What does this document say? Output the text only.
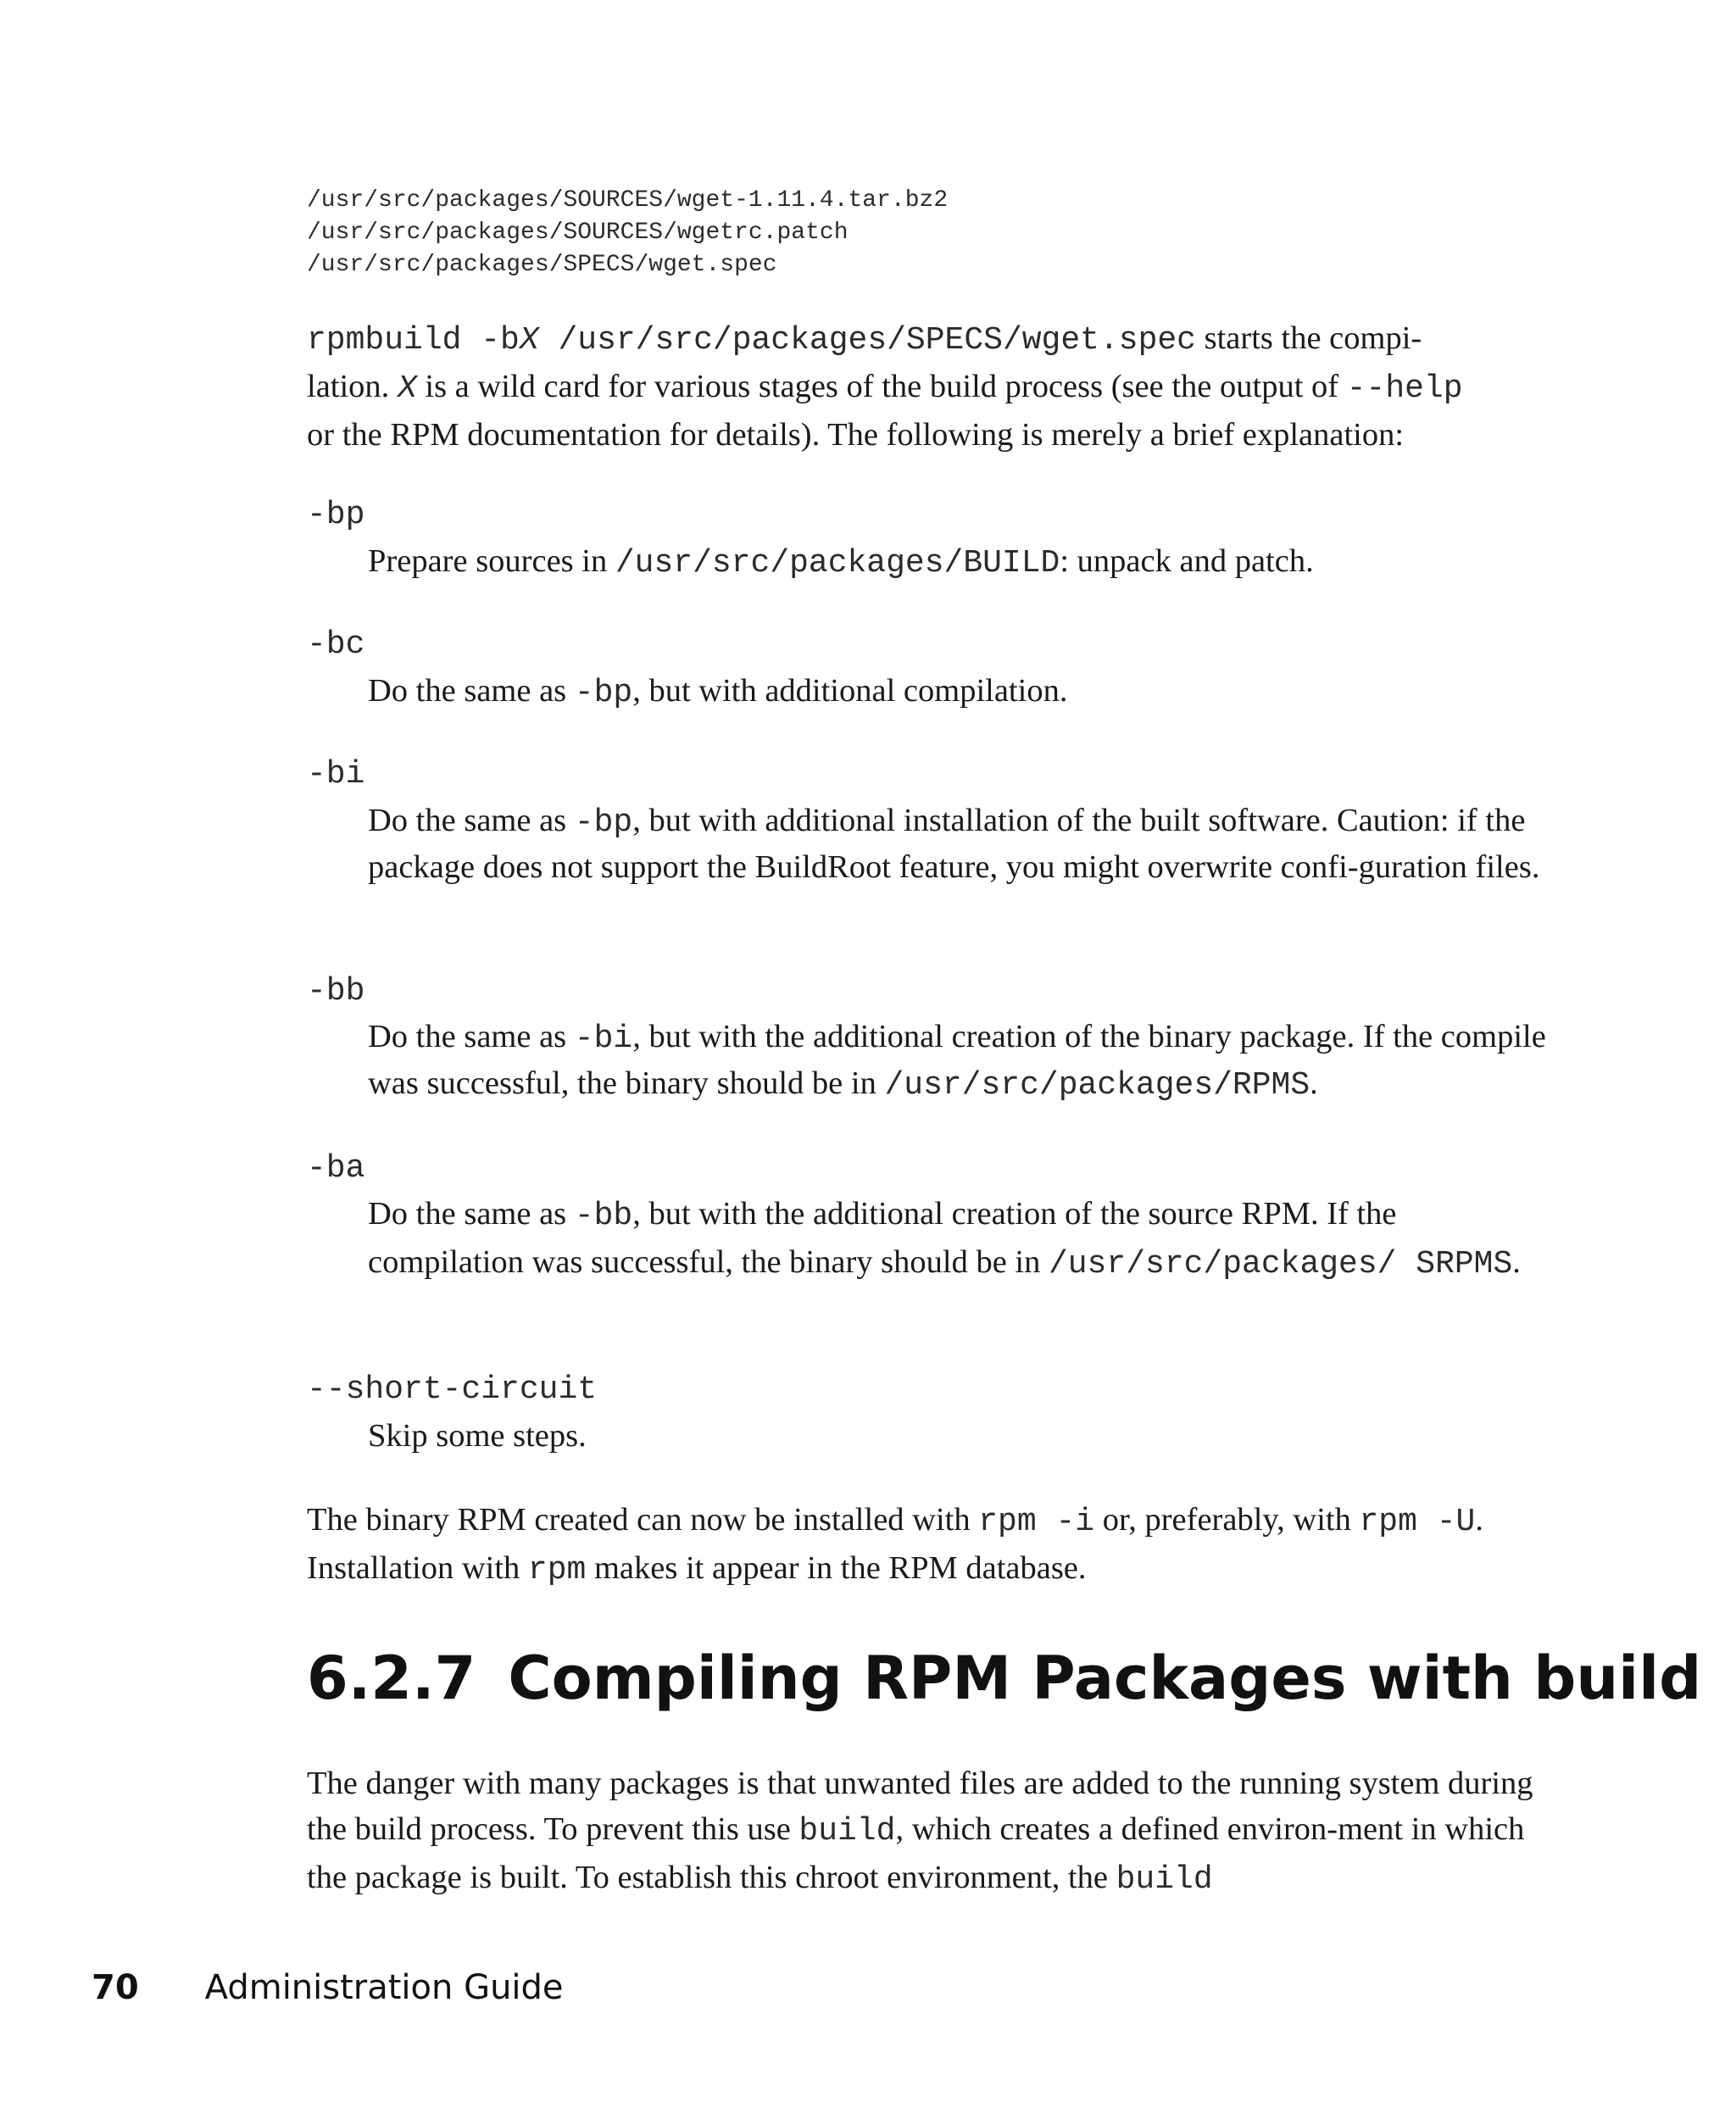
/usr/src/packages/SOURCES/wget-1.11.4.tar.bz2
/usr/src/packages/SOURCES/wgetrc.patch
/usr/src/packages/SPECS/wget.spec
rpmbuild -bX /usr/src/packages/SPECS/wget.spec starts the compi-
lation. X is a wild card for various stages of the build process (see the output of --help
or the RPM documentation for details). The following is merely a brief explanation:
-bp
Prepare sources in /usr/src/packages/BUILD: unpack and patch.
-bc
Do the same as -bp, but with additional compilation.
-bi
Do the same as -bp, but with additional installation of the built software. Caution: if the package does not support the BuildRoot feature, you might overwrite confi-guration files.
-bb
Do the same as -bi, but with the additional creation of the binary package. If the compile was successful, the binary should be in /usr/src/packages/RPMS.
-ba
Do the same as -bb, but with the additional creation of the source RPM. If the compilation was successful, the binary should be in /usr/src/packages/ SRPMS.
--short-circuit
Skip some steps.
The binary RPM created can now be installed with rpm -i or, preferably, with rpm -U. Installation with rpm makes it appear in the RPM database.
6.2.7 Compiling RPM Packages with build
The danger with many packages is that unwanted files are added to the running system during the build process. To prevent this use build, which creates a defined environ-ment in which the package is built. To establish this chroot environment, the build
70 Administration Guide
